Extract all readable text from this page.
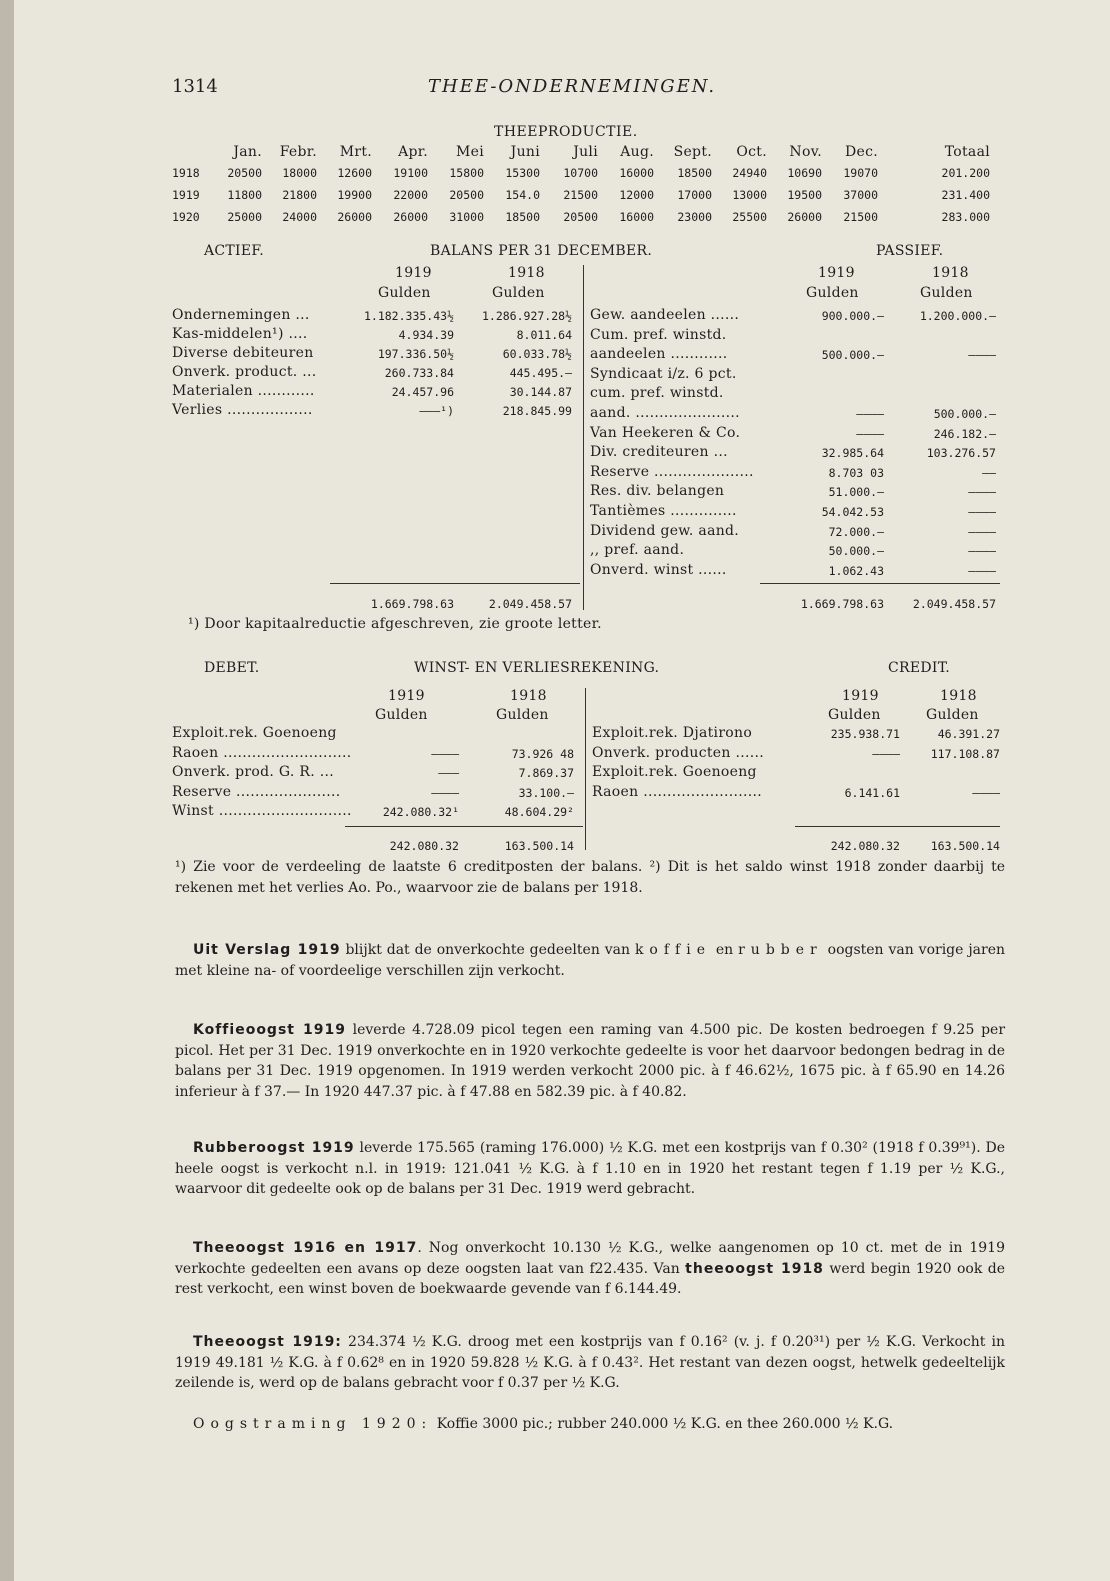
1314	THEE-ONDERNEMINGEN.
THEEPRODUCTIE.
Jan.	Febr.	Mrt.	Apr.	Mei	Juni	Juli	Aug.	Sept.	Oct.	Nov.	Dec.	Totaal
1918	20500	18000	12600	19100	15800	15300	10700	16000	18500	24940	10690	19070	201.200
1919	11800	21800	19900	22000	20500	154.0	21500	12000	17000	13000	19500	37000	231.400
1920	25000	24000	26000	26000	31000	18500	20500	16000	23000	25500	26000	21500	283.000
ACTIEF.	BALANS PER 31 DECEMBER.	PASSIEF.
1919	1918
Gulden	Gulden
1919	1918
Gulden	Gulden
Ondernemingen ...	1.182.335.43½	1.286.927.28½
Kas-middelen¹) ....	4.934.39	8.011.64
Diverse debiteuren	197.336.50½	60.033.78½
Onverk. product. ...	260.733.84	445.495.—
Materialen ............	24.457.96	30.144.87
Verlies ..................	———¹)	218.845.99
Gew. aandeelen ......	900.000.—	1.200.000.—
Cum. pref. winstd.
aandeelen ............	500.000.—	————
Syndicaat i/z. 6 pct.
cum. pref. winstd.
aand. ......................	————	500.000.—
Van Heekeren & Co.	————	246.182.—
Div. crediteuren ...	32.985.64	103.276.57
Reserve .....................	8.703 03	——
Res. div. belangen	51.000.—	————
Tantièmes ..............	54.042.53	————
Dividend gew. aand.	72.000.—	————
,, pref. aand.	50.000.—	————
Onverd. winst ......	1.062.43	————
1.669.798.63	2.049.458.57	1.669.798.63	2.049.458.57
¹) Door kapitaalreductie afgeschreven, zie groote letter.
DEBET.	WINST- EN VERLIESREKENING.	CREDIT.
1919	1918
Gulden	Gulden
1919	1918
Gulden	Gulden
Exploit.rek. Goenoeng
Raoen ...........................	————	73.926 48
Onverk. prod. G. R. ...	———	7.869.37
Reserve ......................	————	33.100.—
Winst ............................	242.080.32¹	48.604.29²
Exploit.rek. Djatirono	235.938.71	46.391.27
Onverk. producten ......	————	117.108.87
Exploit.rek. Goenoeng
Raoen .........................	6.141.61	————
242.080.32	163.500.14	242.080.32	163.500.14
¹) Zie voor de verdeeling de laatste 6 creditposten der balans. ²) Dit is het saldo winst 1918 zonder daarbij te rekenen met het verlies Ao. Po., waarvoor zie de balans per 1918.
Uit Verslag 1919 blijkt dat de onverkochte gedeelten van koffie en rubber oogsten van vorige jaren met kleine na- of voordeelige verschillen zijn verkocht.
Koffieoogst 1919 leverde 4.728.09 picol tegen een raming van 4.500 pic. De kosten bedroegen f 9.25 per picol. Het per 31 Dec. 1919 onverkochte en in 1920 verkochte gedeelte is voor het daarvoor bedongen bedrag in de balans per 31 Dec. 1919 opgenomen. In 1919 werden verkocht 2000 pic. à f 46.62½, 1675 pic. à f 65.90 en 14.26 inferieur à f 37.— In 1920 447.37 pic. à f 47.88 en 582.39 pic. à f 40.82.
Rubberoogst 1919 leverde 175.565 (raming 176.000) ½ K.G. met een kostprijs van f 0.30² (1918 f 0.39⁹¹). De heele oogst is verkocht n.l. in 1919: 121.041 ½ K.G. à f 1.10 en in 1920 het restant tegen f 1.19 per ½ K.G., waarvoor dit gedeelte ook op de balans per 31 Dec. 1919 werd gebracht.
Theeoogst 1916 en 1917. Nog onverkocht 10.130 ½ K.G., welke aangenomen op 10 ct. met de in 1919 verkochte gedeelten een avans op deze oogsten laat van f22.435. Van theeoogst 1918 werd begin 1920 ook de rest verkocht, een winst boven de boekwaarde gevende van f 6.144.49.
Theeoogst 1919: 234.374 ½ K.G. droog met een kostprijs van f 0.16² (v. j. f 0.20³¹) per ½ K.G. Verkocht in 1919 49.181 ½ K.G. à f 0.62⁸ en in 1920 59.828 ½ K.G. à f 0.43². Het restant van dezen oogst, hetwelk gedeeltelijk zeilende is, werd op de balans gebracht voor f 0.37 per ½ K.G.
Oogstraming 1920: Koffie 3000 pic.; rubber 240.000 ½ K.G. en thee 260.000 ½ K.G.
